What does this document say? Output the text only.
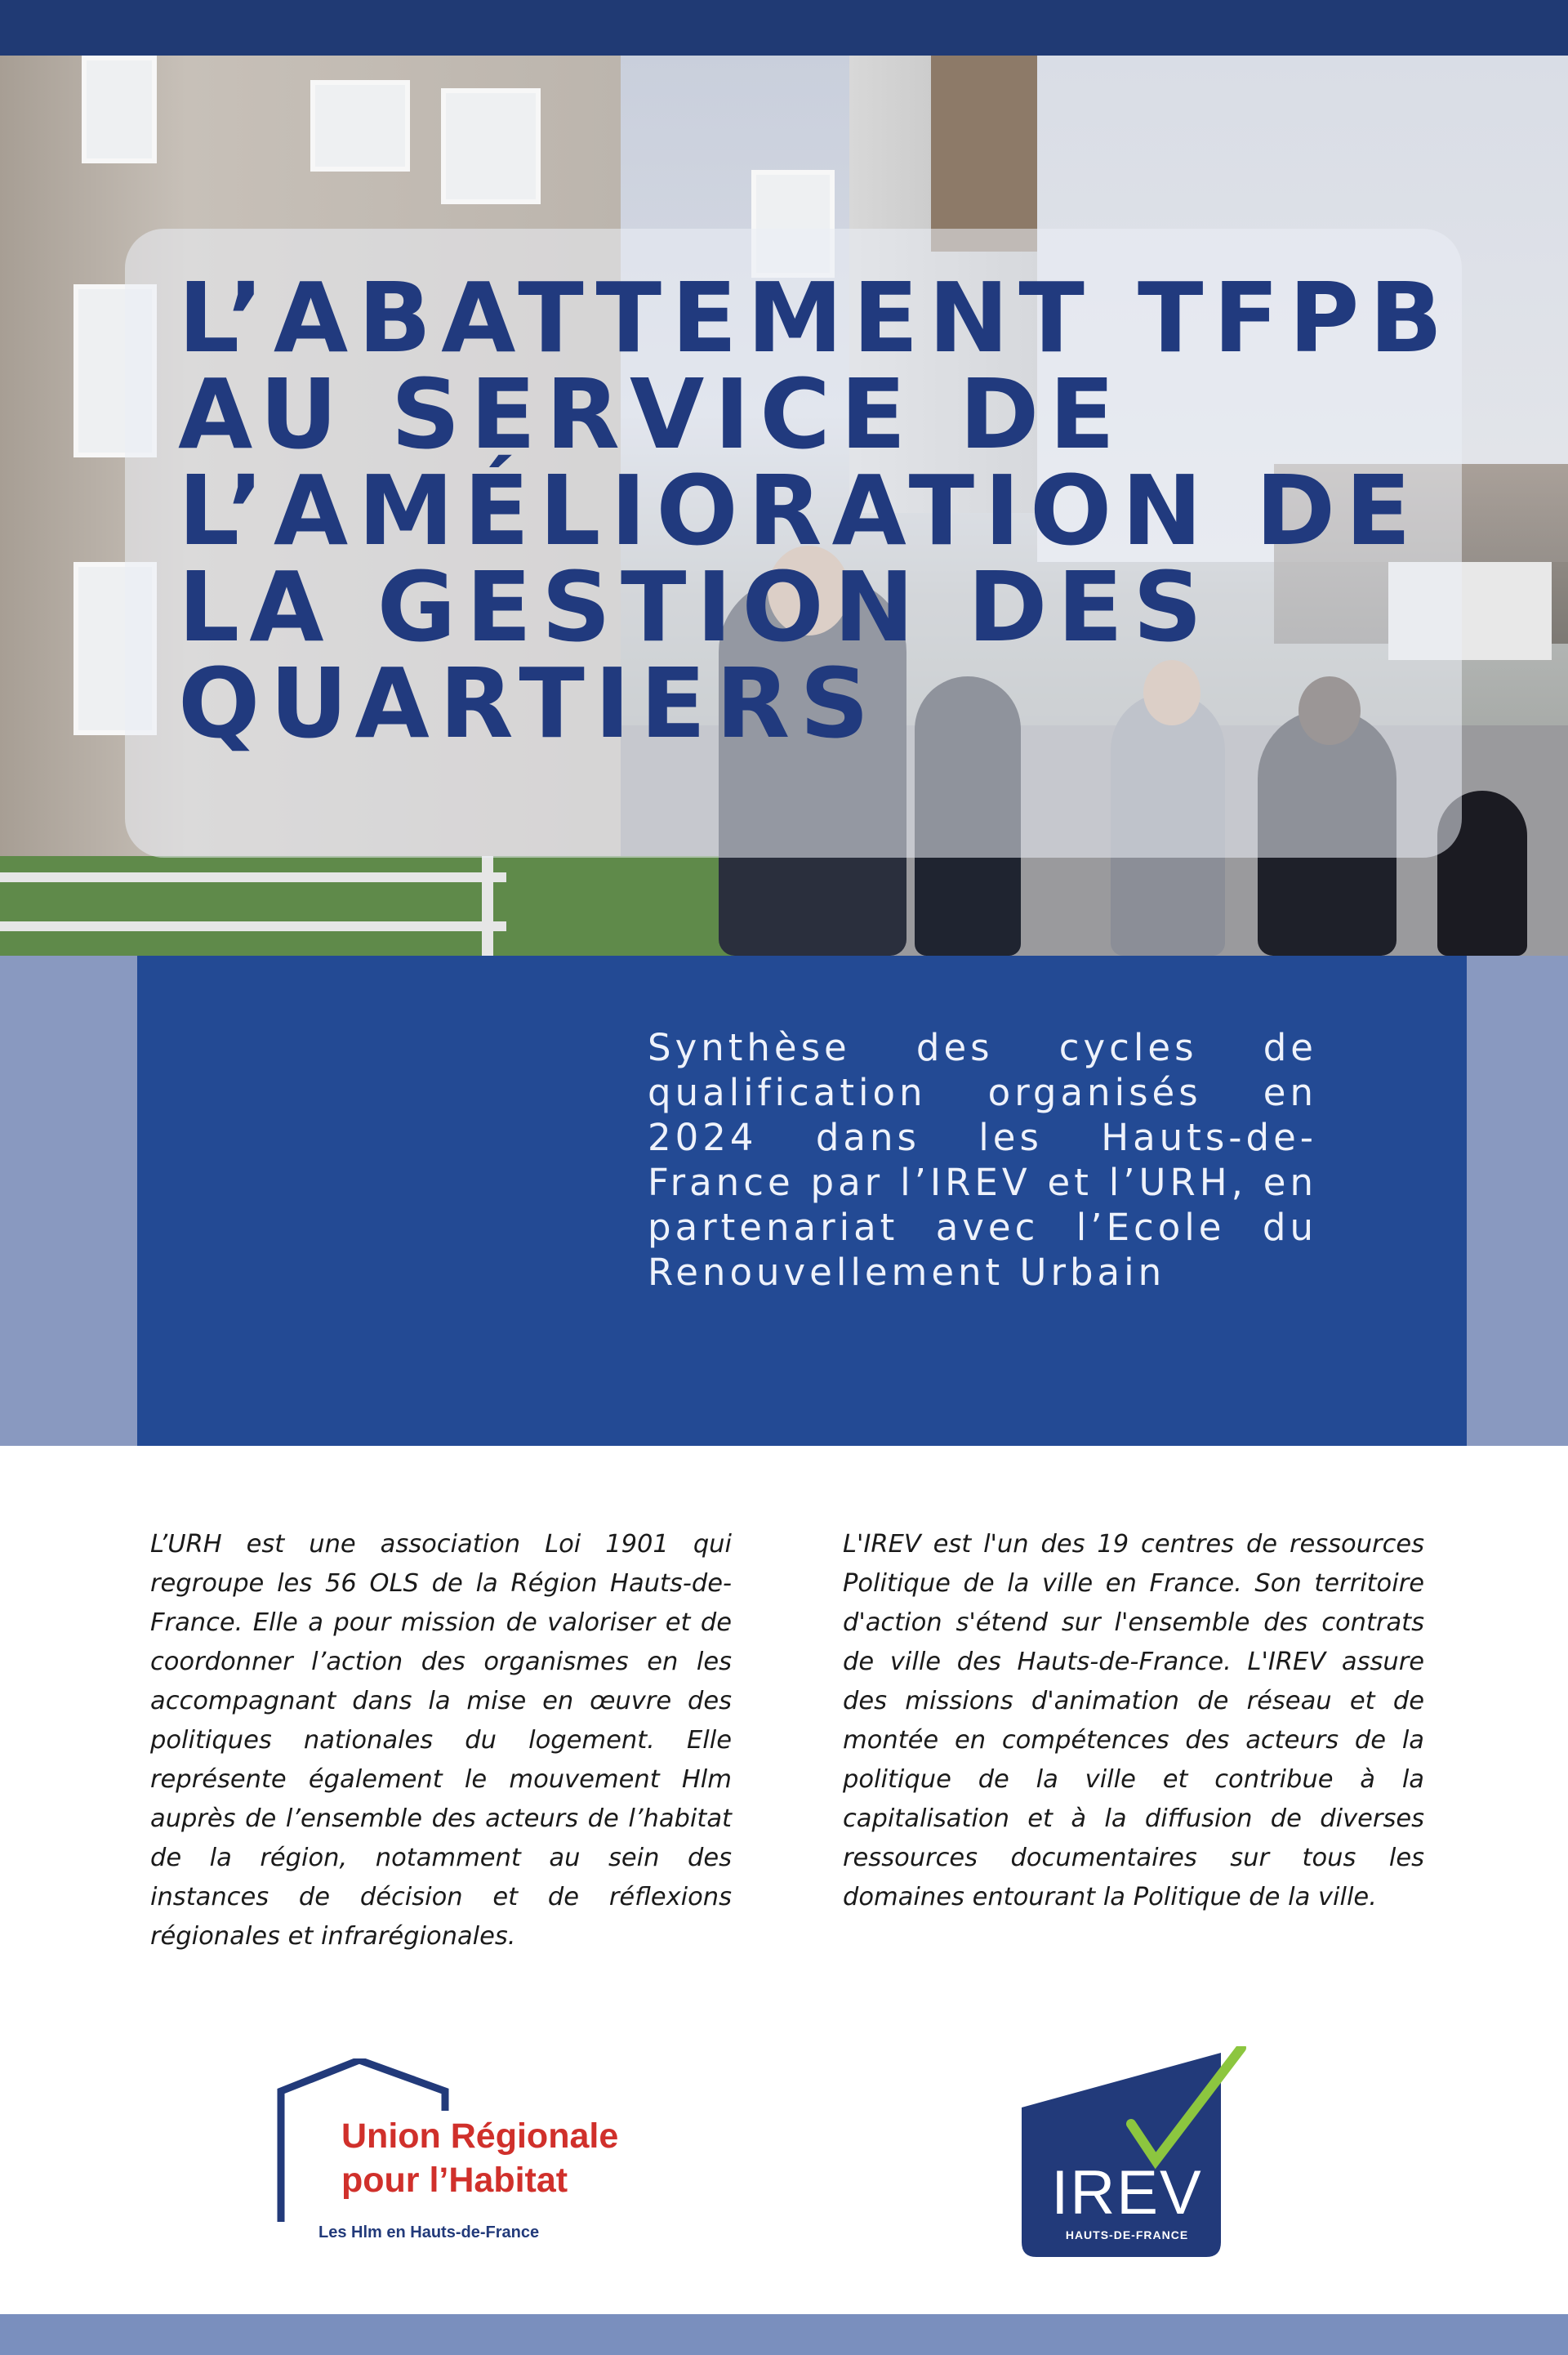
L’ABATTEMENT TFPB AU SERVICE DE L’AMÉLIORATION DE LA GESTION DES QUARTIERS

Synthèse des cycles de qualification organisés en 2024 dans les Hauts-de-France par l’IREV et l’URH, en partenariat avec l’Ecole du Renouvellement Urbain

L’URH est une association Loi 1901 qui regroupe les 56 OLS de la Région Hauts-de-France. Elle a pour mission de valoriser et de coordonner l’action des organismes en les accompagnant dans la mise en œuvre des politiques nationales du logement. Elle représente également le mouvement Hlm auprès de l’ensemble des acteurs de l’habitat de la région, notamment au sein des instances de décision et de réflexions régionales et infrarégionales.

L'IREV est l'un des 19 centres de ressources Politique de la ville en France. Son territoire d'action s'étend sur l'ensemble des contrats de ville des Hauts-de-France. L'IREV assure des missions d'animation de réseau et de montée en compétences des acteurs de la politique de la ville et contribue à la capitalisation et à la diffusion de diverses ressources documentaires sur tous les domaines entourant la Politique de la ville.

Union Régionale
pour l’Habitat
Les Hlm en Hauts-de-France
IREV
HAUTS-DE-FRANCE
